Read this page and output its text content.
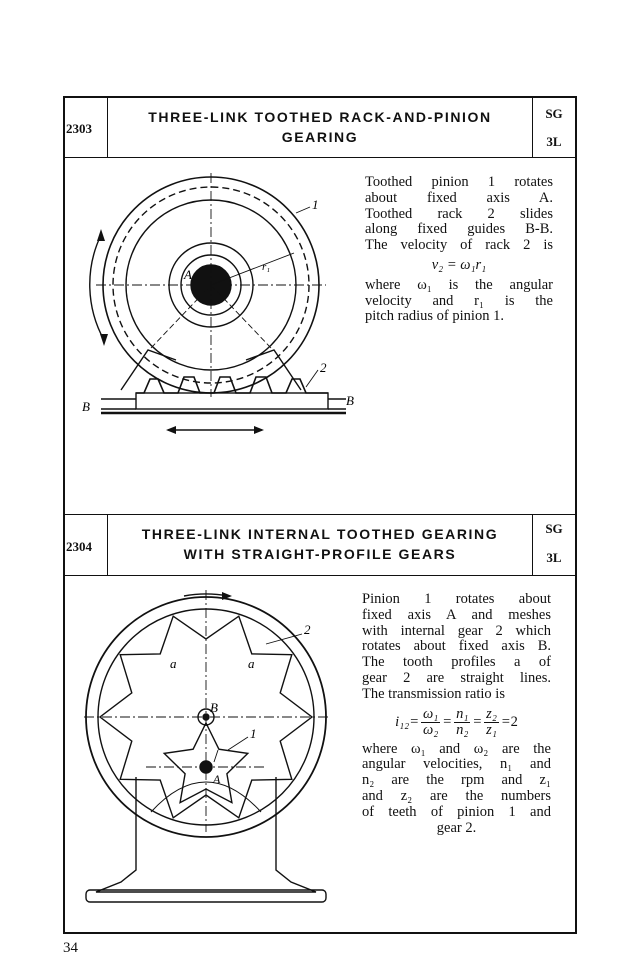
2303
THREE-LINK TOOTHED RACK-AND-PINION
GEARING
SG
3L
A	r₁
1
2
B	B

Toothed pinion 1 rotates

about fixed axis A.

Toothed rack 2 slides

along fixed guides B-B.

The velocity of rack 2 is

v₂ = ω₁r₁

where ω₁ is the angular

velocity and r₁ is the

pitch radius of pinion 1.

2304
THREE-LINK INTERNAL TOOTHED GEARING
WITH STRAIGHT-PROFILE GEARS
SG
3L
B
A
2
1
a	a

Pinion 1 rotates about

fixed axis A and meshes

with internal gear 2 which

rotates about fixed axis B.

The tooth profiles a of

gear 2 are straight lines.

The transmission ratio is

$i_{12}= \frac{\text{ω₁}}{\text{ω₂}} = \frac{\text{n₁}}{\text{n₂}} = \frac{\text{z₂}}{\text{z₁}} =2$

where ω₁ and ω₂ are the

angular velocities, n₁ and

n₂ are the rpm and z₁

and z₂ are the numbers

of teeth of pinion 1 and

gear 2.

34
